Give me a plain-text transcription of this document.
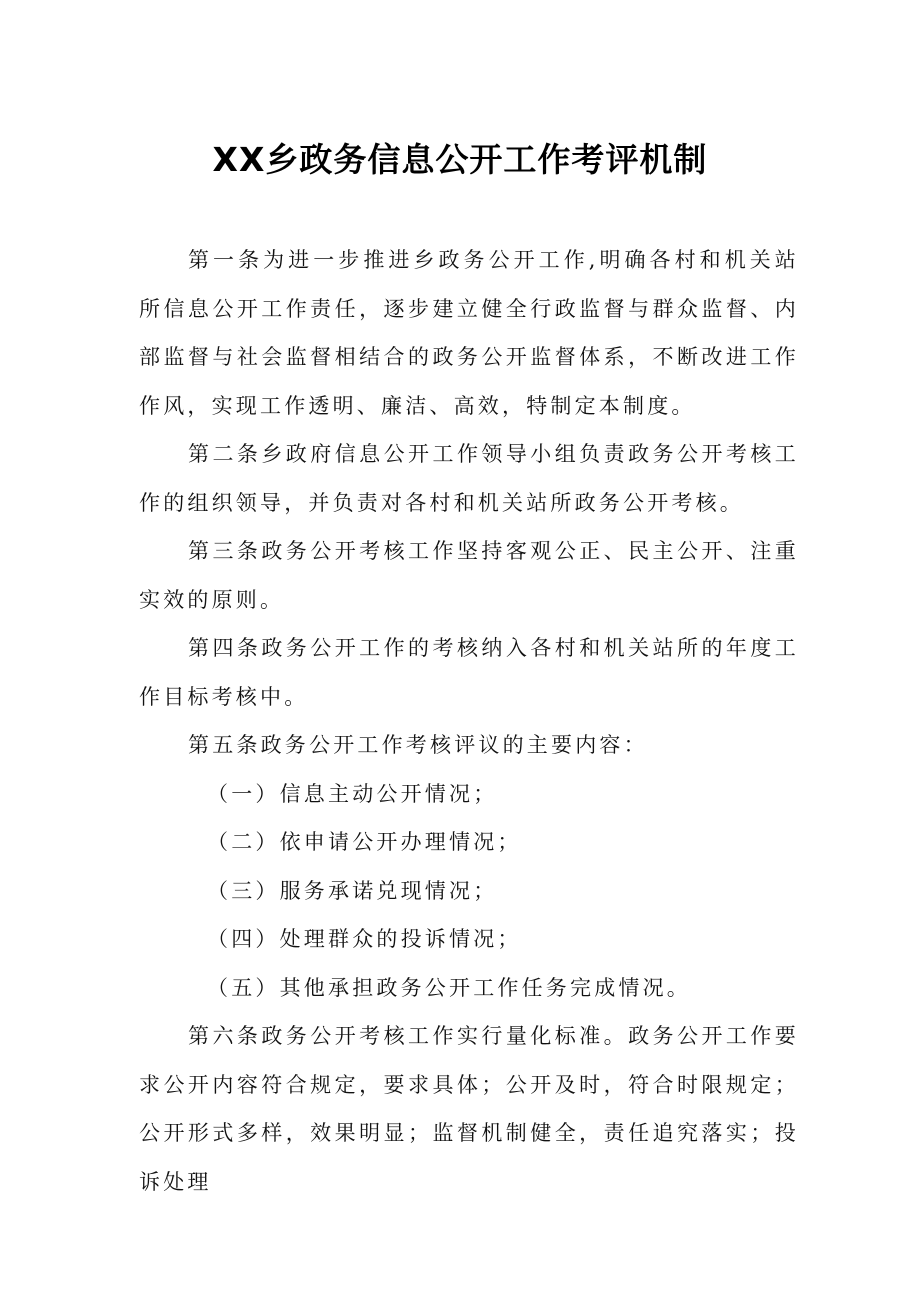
XX乡政务信息公开工作考评机制

第一条为进一步推进乡政务公开工作,明确各村和机关站所信息公开工作责任，逐步建立健全行政监督与群众监督、内部监督与社会监督相结合的政务公开监督体系，不断改进工作作风，实现工作透明、廉洁、高效，特制定本制度。

第二条乡政府信息公开工作领导小组负责政务公开考核工作的组织领导，并负责对各村和机关站所政务公开考核。

第三条政务公开考核工作坚持客观公正、民主公开、注重实效的原则。

第四条政务公开工作的考核纳入各村和机关站所的年度工作目标考核中。

第五条政务公开工作考核评议的主要内容：

（一）信息主动公开情况；

（二）依申请公开办理情况；

（三）服务承诺兑现情况；

（四）处理群众的投诉情况；

（五）其他承担政务公开工作任务完成情况。

第六条政务公开考核工作实行量化标准。政务公开工作要求公开内容符合规定，要求具体；公开及时，符合时限规定；公开形式多样，效果明显；监督机制健全，责任追究落实；投诉处理
